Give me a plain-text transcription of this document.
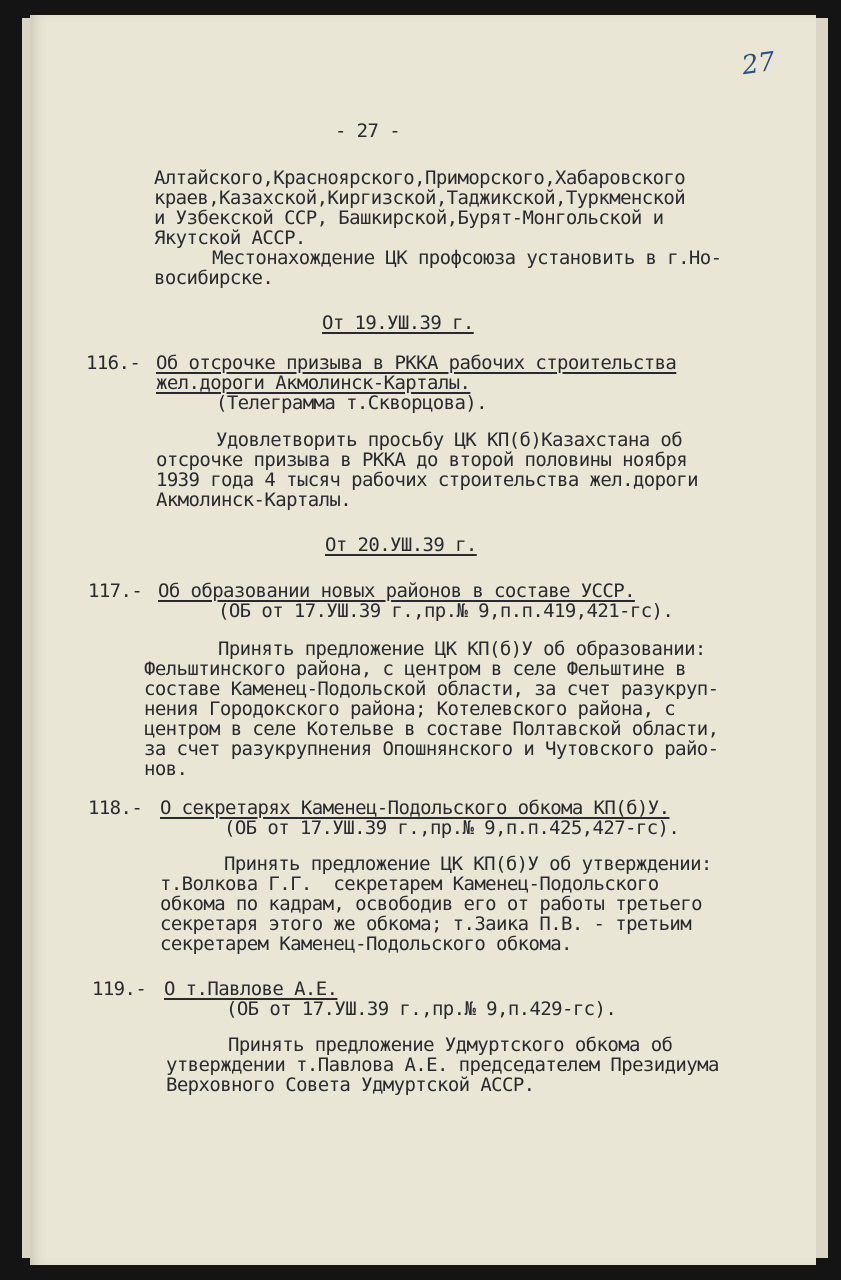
27
- 27 -
Алтайского,Красноярского,Приморского,Хабаровского
краев,Казахской,Киргизской,Таджикской,Туркменской
и Узбекской ССР, Башкирской,Бурят-Монгольской и
Якутской АССР.
Местонахождение ЦК профсоюза установить в г.Но-
восибирске.
От 19.УШ.39 г.
116.- Об отсрочке призыва в РККА рабочих строительства
жел.дороги Акмолинск-Карталы.
(Телеграмма т.Скворцова).
Удовлетворить просьбу ЦК КП(б)Казахстана об
отсрочке призыва в РККА до второй половины ноября
1939 года 4 тысяч рабочих строительства жел.дороги
Акмолинск-Карталы.
От 20.УШ.39 г.
117.- Об образовании новых районов в составе УССР.
(ОБ от 17.УШ.39 г.,пр.№ 9,п.п.419,421-гс).
Принять предложение ЦК КП(б)У об образовании:
Фельштинского района, с центром в селе Фельштине в
составе Каменец-Подольской области, за счет разукруп-
нения Городокского района; Котелевского района, с
центром в селе Котельве в составе Полтавской области,
за счет разукрупнения Опошнянского и Чутовского райо-
нов.
118.- О секретарях Каменец-Подольского обкома КП(б)У.
(ОБ от 17.УШ.39 г.,пр.№ 9,п.п.425,427-гс).
Принять предложение ЦК КП(б)У об утверждении:
т.Волкова Г.Г.  секретарем Каменец-Подольского
обкома по кадрам, освободив его от работы третьего
секретаря этого же обкома; т.Заика П.В. - третьим
секретарем Каменец-Подольского обкома.
119.- О т.Павлове А.Е.
(ОБ от 17.УШ.39 г.,пр.№ 9,п.429-гс).
Принять предложение Удмуртского обкома об
утверждении т.Павлова А.Е. председателем Президиума
Верховного Совета Удмуртской АССР.
